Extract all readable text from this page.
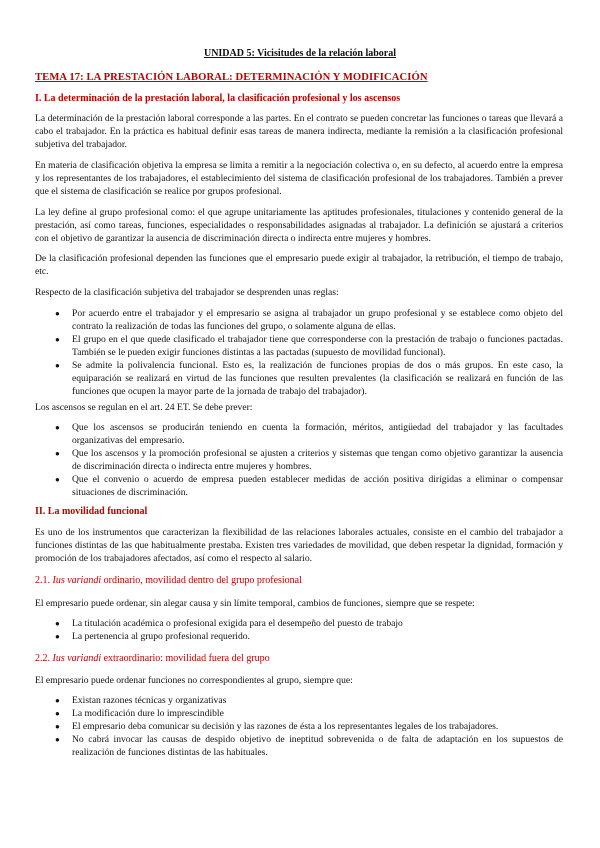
UNIDAD 5: Vicisitudes de la relación laboral
TEMA 17: LA PRESTACIÓN LABORAL: DETERMINACIÓN Y MODIFICACIÓN
I. La determinación de la prestación laboral, la clasificación profesional y los ascensos

La determinación de la prestación laboral corresponde a las partes. En el contrato se pueden concretar las funciones o tareas que llevará a cabo el trabajador. En la práctica es habitual definir esas tareas de manera indirecta, mediante la remisión a la clasificación profesional subjetiva del trabajador.

En materia de clasificación objetiva la empresa se limita a remitir a la negociación colectiva o, en su defecto, al acuerdo entre la empresa y los representantes de los trabajadores, el establecimiento del sistema de clasificación profesional de los trabajadores. También a prever que el sistema de clasificación se realice por grupos profesional.

La ley define al grupo profesional como: el que agrupe unitariamente las aptitudes profesionales, titulaciones y contenido general de la prestación, así como tareas, funciones, especialidades o responsabilidades asignadas al trabajador. La definición se ajustará a criterios con el objetivo de garantizar la ausencia de discriminación directa o indirecta entre mujeres y hombres.

De la clasificación profesional dependen las funciones que el empresario puede exigir al trabajador, la retribución, el tiempo de trabajo, etc.

Respecto de la clasificación subjetiva del trabajador se desprenden unas reglas:

● Por acuerdo entre el trabajador y el empresario se asigna al trabajador un grupo profesional y se establece como objeto del contrato la realización de todas las funciones del grupo, o solamente alguna de ellas.
● El grupo en el que quede clasificado el trabajador tiene que corresponderse con la prestación de trabajo o funciones pactadas. También se le pueden exigir funciones distintas a las pactadas (supuesto de movilidad funcional).
● Se admite la polivalencia funcional. Esto es, la realización de funciones propias de dos o más grupos. En este caso, la equiparación se realizará en virtud de las funciones que resulten prevalentes (la clasificación se realizará en función de las funciones que ocupen la mayor parte de la jornada de trabajo del trabajador).

Los ascensos se regulan en el art. 24 ET. Se debe prever:

● Que los ascensos se producirán teniendo en cuenta la formación, méritos, antigüedad del trabajador y las facultades organizativas del empresario.
● Que los ascensos y la promoción profesional se ajusten a criterios y sistemas que tengan como objetivo garantizar la ausencia de discriminación directa o indirecta entre mujeres y hombres.
● Que el convenio o acuerdo de empresa pueden establecer medidas de acción positiva dirigidas a eliminar o compensar situaciones de discriminación.
II. La movilidad funcional

Es uno de los instrumentos que caracterizan la flexibilidad de las relaciones laborales actuales, consiste en el cambio del trabajador a funciones distintas de las que habitualmente prestaba. Existen tres variedades de movilidad, que deben respetar la dignidad, formación y promoción de los trabajadores afectados, así como el respecto al salario.

2.1. Ius variandi ordinario, movilidad dentro del grupo profesional

El empresario puede ordenar, sin alegar causa y sin límite temporal, cambios de funciones, siempre que se respete:

● La titulación académica o profesional exigida para el desempeño del puesto de trabajo
● La pertenencia al grupo profesional requerido.
2.2. Ius variandi extraordinario: movilidad fuera del grupo

El empresario puede ordenar funciones no correspondientes al grupo, siempre que:

● Existan razones técnicas y organizativas
● La modificación dure lo imprescindible
● El empresario deba comunicar su decisión y las razones de ésta a los representantes legales de los trabajadores.
● No cabrá invocar las causas de despido objetivo de ineptitud sobrevenida o de falta de adaptación en los supuestos de realización de funciones distintas de las habituales.
